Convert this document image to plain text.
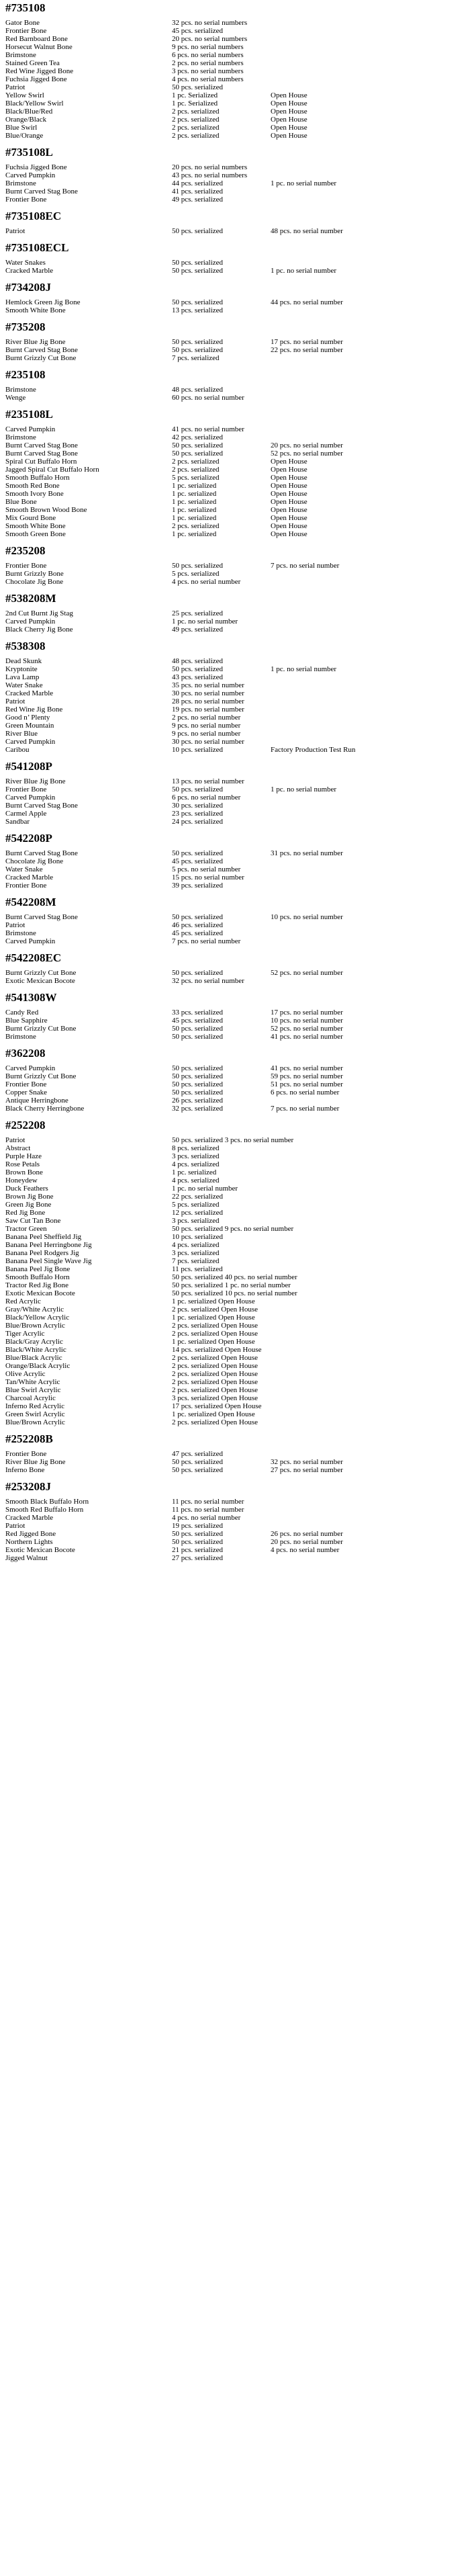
#735108
Gator Bone	32 pcs. no serial numbers
Frontier Bone	45 pcs. serialized
Red Barnboard Bone	20 pcs. no serial numbers
Horsecut Walnut Bone	9 pcs. no serial numbers
Brimstone	6 pcs. no serial numbers
Stained Green Tea	2 pcs. no serial numbers
Red Wine Jigged Bone	3 pcs. no serial numbers
Fuchsia Jigged Bone	4 pcs. no serial numbers
Patriot	50 pcs. serialized
Yellow Swirl	1 pc. Serialized	Open House
Black/Yellow Swirl	1 pc. Serialized	Open House
Black/Blue/Red	2 pcs. serialized	Open House
Orange/Black	2 pcs. serialized	Open House
Blue Swirl	2 pcs. serialized	Open House
Blue/Orange	2 pcs. serialized	Open House
#735108L
Fuchsia Jigged Bone	20 pcs. no serial numbers
Carved Pumpkin	43 pcs. no serial numbers
Brimstone	44 pcs. serialized	1 pc. no serial number
Burnt Carved Stag Bone	41 pcs. serialized
Frontier Bone	49 pcs. serialized
#735108EC
Patriot	50 pcs. serialized	48 pcs. no serial number
#735108ECL
Water Snakes	50 pcs. serialized
Cracked Marble	50 pcs. serialized	1 pc. no serial number
#734208J
Hemlock Green Jig Bone	50 pcs. serialized	44 pcs. no serial number
Smooth White Bone	13 pcs. serialized
#735208
River Blue Jig Bone	50 pcs. serialized	17 pcs. no serial number
Burnt Carved Stag Bone	50 pcs. serialized	22 pcs. no serial number
Burnt Grizzly Cut Bone	7 pcs. serialized
#235108
Brimstone	48 pcs. serialized
Wenge	60 pcs. no serial number
#235108L
Carved Pumpkin	41 pcs. no serial number
Brimstone	42 pcs. serialized
Burnt Carved Stag Bone	50 pcs. serialized	20 pcs. no serial number
Burnt Carved Stag Bone	50 pcs. serialized	52 pcs. no serial number
Spiral Cut Buffalo Horn	2 pcs. serialized	Open House
Jagged Spiral Cut Buffalo Horn	2 pcs. serialized	Open House
Smooth Buffalo Horn	5 pcs. serialized	Open House
Smooth Red Bone	1 pc. serialized	Open House
Smooth Ivory Bone	1 pc. serialized	Open House
Blue Bone	1 pc. serialized	Open House
Smooth Brown Wood Bone	1 pc. serialized	Open House
Mix Gourd Bone	1 pc. serialized	Open House
Smooth White Bone	2 pcs. serialized	Open House
Smooth Green Bone	1 pc. serialized	Open House
#235208
Frontier Bone	50 pcs. serialized	7 pcs. no serial number
Burnt Grizzly Bone	5 pcs. serialized
Chocolate Jig Bone	4 pcs. no serial number
#538208M
2nd Cut Burnt Jig Stag	25 pcs. serialized
Carved Pumpkin	1 pc. no serial number
Black Cherry Jig Bone	49 pcs. serialized
#538308
Dead Skunk	48 pcs. serialized
Kryptonite	50 pcs. serialized	1 pc. no serial number
Lava Lamp	43 pcs. serialized
Water Snake	35 pcs. no serial number
Cracked Marble	30 pcs. no serial number
Patriot	28 pcs. no serial number
Red Wine Jig Bone	19 pcs. no serial number
Good n’ Plenty	2 pcs. no serial number
Green Mountain	9 pcs. no serial number
River Blue	9 pcs. no serial number
Carved Pumpkin	30 pcs. no serial number
Caribou	10 pcs. serialized	Factory Production Test Run
#541208P
River Blue Jig Bone	13 pcs. no serial number
Frontier Bone	50 pcs. serialized	1 pc. no serial number
Carved Pumpkin	6 pcs. no serial number
Burnt Carved Stag Bone	30 pcs. serialized
Carmel Apple	23 pcs. serialized
Sandbar	24 pcs. serialized
#542208P
Burnt Carved Stag Bone	50 pcs. serialized	31 pcs. no serial number
Chocolate Jig Bone	45 pcs. serialized
Water Snake	5 pcs. no serial number
Cracked Marble	15 pcs. no serial number
Frontier Bone	39 pcs. serialized
#542208M
Burnt Carved Stag Bone	50 pcs. serialized	10 pcs. no serial number
Patriot	46 pcs. serialized
Brimstone	45 pcs. serialized
Carved Pumpkin	7 pcs. no serial number
#542208EC
Burnt Grizzly Cut Bone	50 pcs. serialized	52 pcs. no serial number
Exotic Mexican Bocote	32 pcs. no serial number
#541308W
Candy Red	33 pcs. serialized	17 pcs. no serial number
Blue Sapphire	45 pcs. serialized	10 pcs. no serial number
Burnt Grizzly Cut Bone	50 pcs. serialized	52 pcs. no serial number
Brimstone	50 pcs. serialized	41 pcs. no serial number
#362208
Carved Pumpkin	50 pcs. serialized	41 pcs. no serial number
Burnt Grizzly Cut Bone	50 pcs. serialized	59 pcs. no serial number
Frontier Bone	50 pcs. serialized	51 pcs. no serial number
Copper Snake	50 pcs. serialized	6 pcs. no serial number
Antique Herringbone	26 pcs. serialized
Black Cherry Herringbone	32 pcs. serialized	7 pcs. no serial number
#252208
Patriot	50 pcs. serialized 3 pcs. no serial number
Abstract	8 pcs. serialized
Purple Haze	3 pcs. serialized
Rose Petals	4 pcs. serialized
Brown Bone	1 pc. serialized
Honeydew	4 pcs. serialized
Duck Feathers	1 pc. no serial number
Brown Jig Bone	22 pcs. serialized
Green Jig Bone	5 pcs. serialized
Red Jig Bone	12 pcs. serialized
Saw Cut Tan Bone	3 pcs. serialized
Tractor Green	50 pcs. serialized 9 pcs. no serial number
Banana Peel Sheffield Jig	10 pcs. serialized
Banana Peel Herringbone Jig	4 pcs. serialized
Banana Peel Rodgers Jig	3 pcs. serialized
Banana Peel Single Wave Jig	7 pcs. serialized
Banana Peel Jig Bone	11 pcs. serialized
Smooth Buffalo Horn	50 pcs. serialized 40 pcs. no serial number
Tractor Red Jig Bone	50 pcs. serialized 1 pc. no serial number
Exotic Mexican Bocote	50 pcs. serialized 10 pcs. no serial number
Red Acrylic	1 pc. serialized Open House
Gray/White Acrylic	2 pcs. serialized Open House
Black/Yellow Acrylic	1 pc. serialized Open House
Blue/Brown Acrylic	2 pcs. serialized Open House
Tiger Acrylic	2 pcs. serialized Open House
Black/Gray Acrylic	1 pc. serialized Open House
Black/White Acrylic	14 pcs. serialized Open House
Blue/Black Acrylic	2 pcs. serialized Open House
Orange/Black Acrylic	2 pcs. serialized Open House
Olive Acrylic	2 pcs. serialized Open House
Tan/White Acrylic	2 pcs. serialized Open House
Blue Swirl Acrylic	2 pcs. serialized Open House
Charcoal Acrylic	3 pcs. serialized Open House
Inferno Red Acrylic	17 pcs. serialized Open House
Green Swirl Acrylic	1 pc. serialized Open House
Blue/Brown Acrylic	2 pcs. serialized Open House
#252208B
Frontier Bone	47 pcs. serialized
River Blue Jig Bone	50 pcs. serialized	32 pcs. no serial number
Inferno Bone	50 pcs. serialized	27 pcs. no serial number
#253208J
Smooth Black Buffalo Horn	11 pcs. no serial number
Smooth Red Buffalo Horn	11 pcs. no serial number
Cracked Marble	4 pcs. no serial number
Patriot	19 pcs. serialized
Red Jigged Bone	50 pcs. serialized	26 pcs. no serial number
Northern Lights	50 pcs. serialized	20 pcs. no serial number
Exotic Mexican Bocote	21 pcs. serialized	4 pcs. no serial number
Jigged Walnut	27 pcs. serialized
